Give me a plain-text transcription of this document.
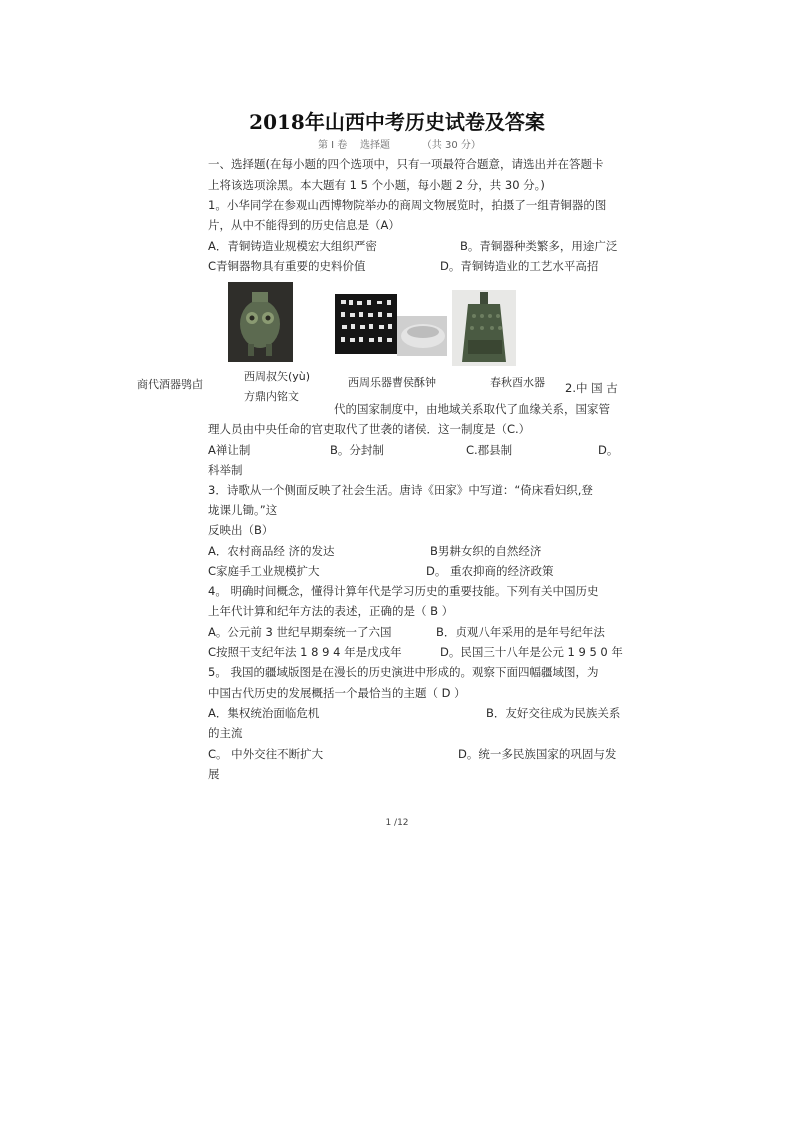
2018年山西中考历史试卷及答案
第 I 卷    选择题          （共 30 分）
一、选择题(在每小题的四个选项中，只有一项最符合题意，请选出并在答题卡
上将该选项涂黑。本大题有 1 5 个小题，每小题 2 分，共 30 分。)
1。小华同学在参观山西博物院举办的商周文物展览时，拍摄了一组青铜器的图
片，从中不能得到的历史信息是（A）
A．青铜铸造业规模宏大组织严密	B。青铜器种类繁多，用途广泛
C青铜器物具有重要的史料价值	D。青铜铸造业的工艺水平高招
商代酒器鸮卣
西周叔矢(yù)
方鼎内铭文
西周乐器曹侯酥钟	春秋酉水器 2.中 国 古
代的国家制度中，由地域关系取代了血缘关系，国家管
理人员由中央任命的官吏取代了世袭的诸侯．这一制度是（C.）
A禅让制	B。分封制	C.郡县制	D。
科举制
3．诗歌从一个侧面反映了社会生活。唐诗《田家》中写道：“倚床看妇织,登
垅课儿锄。”这
反映出（B）
A．农村商品经 济的发达	B男耕女织的自然经济
C家庭手工业规模扩大	D。 重农抑商的经济政策
4。 明确时间概念，懂得计算年代是学习历史的重要技能。下列有关中国历史
上年代计算和纪年方法的表述，正确的是（ B ）
A。公元前 3 世纪早期秦统一了六国	B．贞观八年采用的是年号纪年法
C按照干支纪年法 1 8 9 4 年是戊戌年	D。民国三十八年是公元 1 9 5 0 年
5。 我国的疆域版图是在漫长的历史演进中形成的。观察下面四幅疆域图，为
中国古代历史的发展概括一个最恰当的主题（ D ）
A．集权统治面临危机	B．友好交往成为民族关系
的主流
C。 中外交往不断扩大	D。统一多民族国家的巩固与发
展
1 /12
